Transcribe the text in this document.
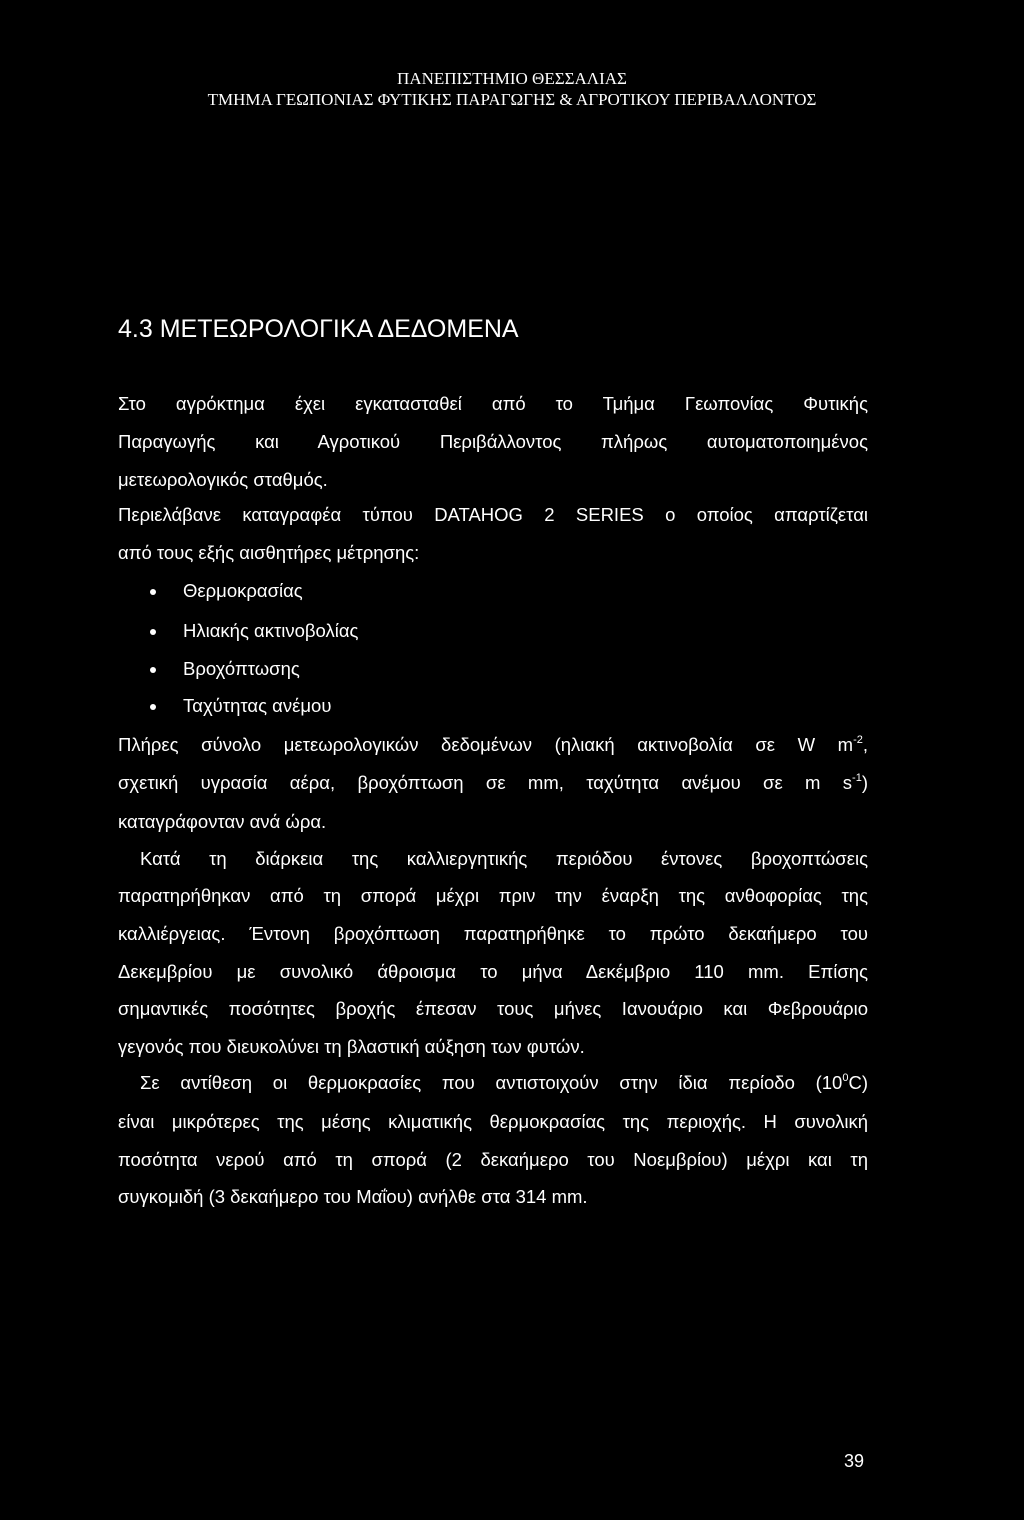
ΠΑΝΕΠΙΣΤΗΜΙΟ ΘΕΣΣΑΛΙΑΣ
ΤΜΗΜΑ ΓΕΩΠΟΝΙΑΣ ΦΥΤΙΚΗΣ ΠΑΡΑΓΩΓΗΣ & ΑΓΡΟΤΙΚΟΥ ΠΕΡΙΒΑΛΛΟΝΤΟΣ
4.3 ΜΕΤΕΩΡΟΛΟΓΙΚΑ ΔΕΔΟΜΕΝΑ
Στο αγρόκτημα έχει εγκατασταθεί από το Τμήμα Γεωπονίας Φυτικής
Παραγωγής και Αγροτικού Περιβάλλοντος πλήρως αυτοματοποιημένος
μετεωρολογικός σταθμός.
Περιελάβανε καταγραφέα τύπου DATAHOG 2 SERIES ο οποίος απαρτίζεται
από τους εξής αισθητήρες μέτρησης:
Θερμοκρασίας
Ηλιακής ακτινοβολίας
Βροχόπτωσης
Ταχύτητας ανέμου
Πλήρες σύνολο μετεωρολογικών δεδομένων (ηλιακή ακτινοβολία σε W $m^{-2}$,
σχετική υγρασία αέρα, βροχόπτωση σε mm, ταχύτητα ανέμου σε m $s^{-1}$)
καταγράφονταν ανά ώρα.
Κατά τη διάρκεια της καλλιεργητικής περιόδου έντονες βροχοπτώσεις
παρατηρήθηκαν από τη σπορά μέχρι πριν την έναρξη της ανθοφορίας της
καλλιέργειας. Έντονη βροχόπτωση παρατηρήθηκε το πρώτο δεκαήμερο του
Δεκεμβρίου με συνολικό άθροισμα το μήνα Δεκέμβριο 110 mm. Επίσης
σημαντικές ποσότητες βροχής έπεσαν τους μήνες Ιανουάριο και Φεβρουάριο
γεγονός που διευκολύνει τη βλαστική αύξηση των φυτών.
Σε αντίθεση οι θερμοκρασίες που αντιστοιχούν στην ίδια περίοδο $(10^0C)$
είναι μικρότερες της μέσης κλιματικής θερμοκρασίας της περιοχής. Η συνολική
ποσότητα νερού από τη σπορά (2 δεκαήμερο του Νοεμβρίου) μέχρι και τη
συγκομιδή (3 δεκαήμερο του Μαΐου) ανήλθε στα 314 mm.
39
